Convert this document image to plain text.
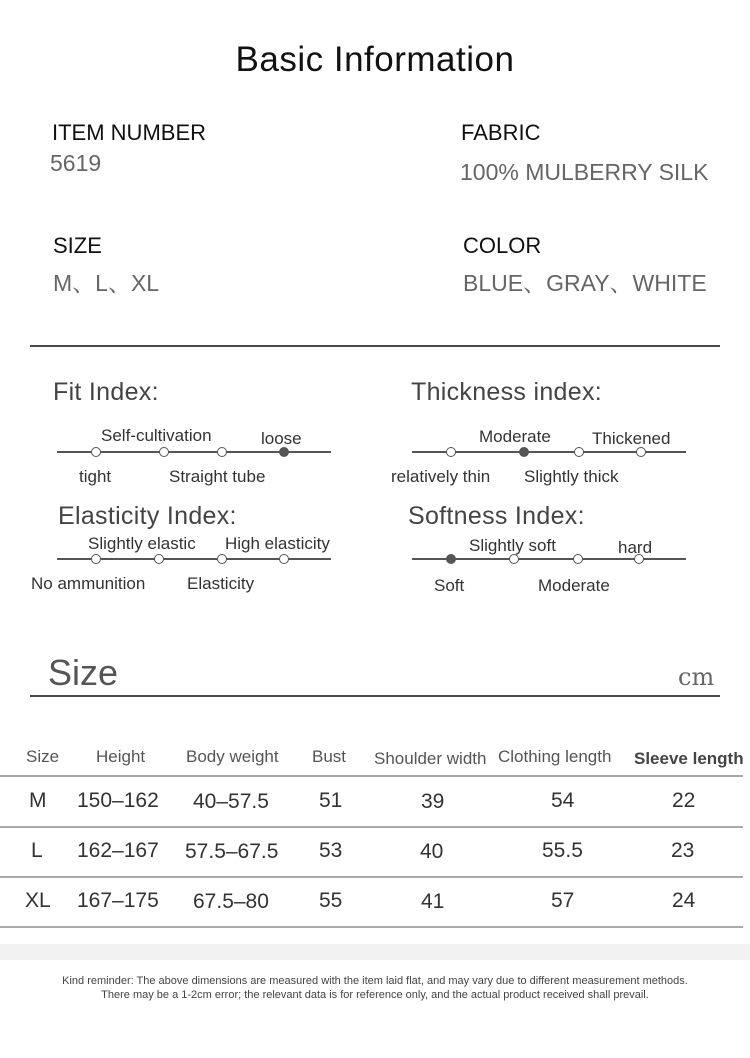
Basic Information
ITEM NUMBER
5619
FABRIC
100% MULBERRY SILK
SIZE
M、L、XL
COLOR
BLUE、GRAY、WHITE
Fit Index:
Self-cultivation	loose
tight	Straight tube
Thickness index:
Moderate Thickened
relatively thin Slightly thick
Elasticity Index:
Slightly elastic High elasticity
No ammunition Elasticity
Softness Index:
Slightly soft	hard
Soft	Moderate
Size	cm
Size Height Body weight Bust Shoulder width Clothing length Sleeve length
M 150–162 40–57.5 51	39	54	22
L 162–167 57.5–67.5 53	40	55.5	23
XL 167–175 67.5–80 55	41	57	24
Kind reminder: The above dimensions are measured with the item laid flat, and may vary due to different measurement methods.
There may be a 1-2cm error; the relevant data is for reference only, and the actual product received shall prevail.
